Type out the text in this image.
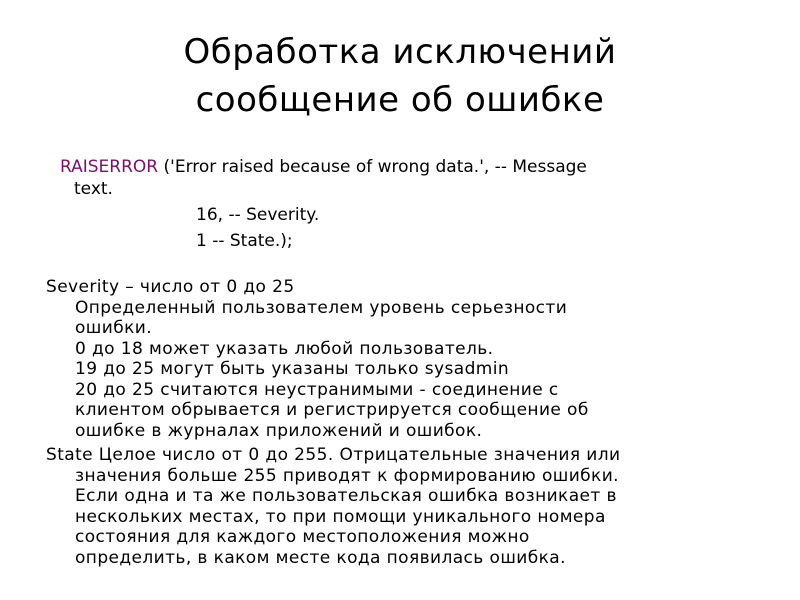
Обработка исключений
сообщение об ошибке
RAISERROR ('Error raised because of wrong data.', -- Message
text.
16, -- Severity.
1 -- State.);
Severity – число от 0 до 25
Определенный пользователем уровень серьезности
ошибки.
0 до 18 может указать любой пользователь.
19 до 25 могут быть указаны только sysadmin
20 до 25 считаются неустранимыми - соединение с
клиентом обрывается и регистрируется сообщение об
ошибке в журналах приложений и ошибок.
State Целое число от 0 до 255. Отрицательные значения или
значения больше 255 приводят к формированию ошибки.
Если одна и та же пользовательская ошибка возникает в
нескольких местах, то при помощи уникального номера
состояния для каждого местоположения можно
определить, в каком месте кода появилась ошибка.
